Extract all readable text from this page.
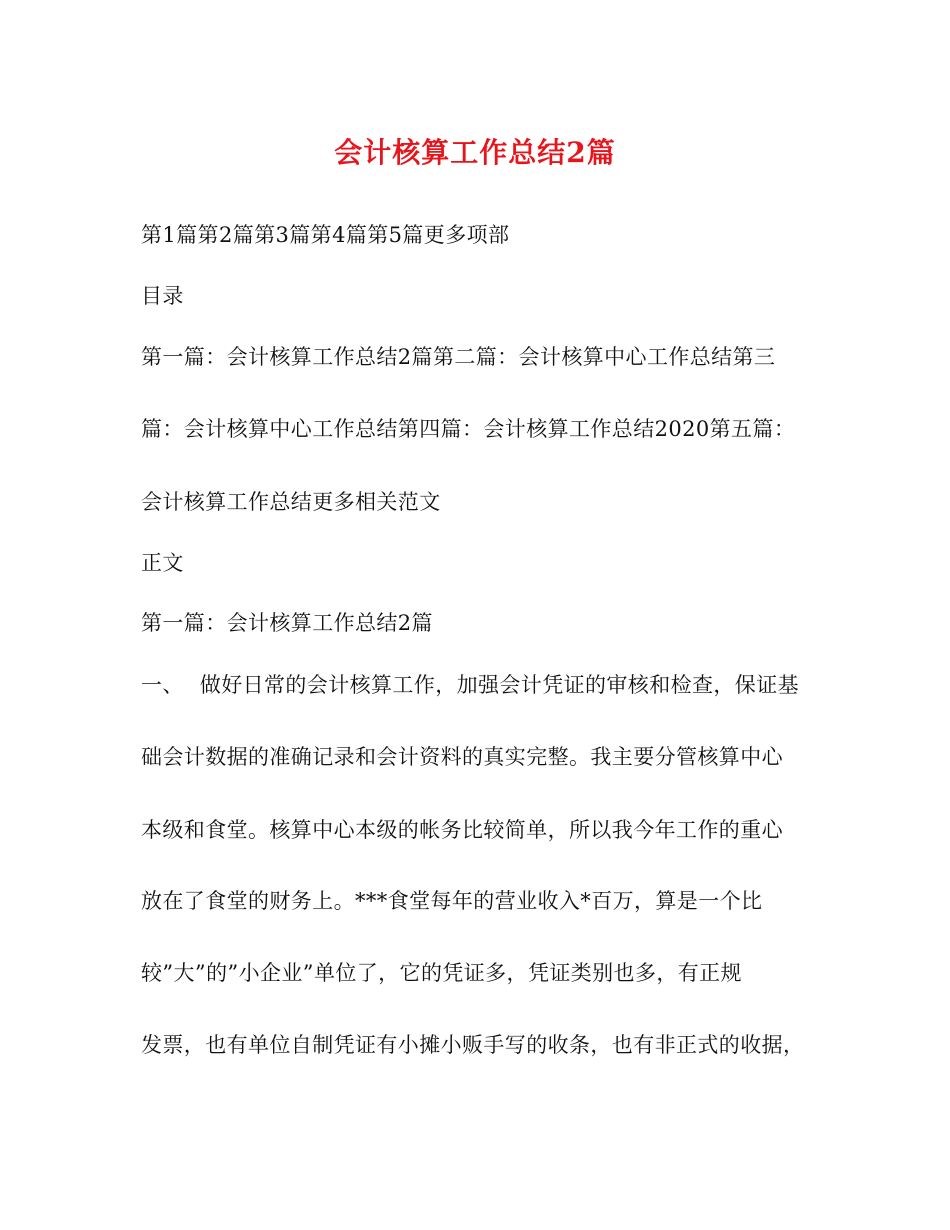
会计核算工作总结2篇
第1篇第2篇第3篇第4篇第5篇更多项部
目录
第一篇：会计核算工作总结2篇第二篇：会计核算中心工作总结第三
篇：会计核算中心工作总结第四篇：会计核算工作总结2020第五篇：
会计核算工作总结更多相关范文
正文
第一篇：会计核算工作总结2篇
一、 做好日常的会计核算工作，加强会计凭证的审核和检查，保证基
础会计数据的准确记录和会计资料的真实完整。我主要分管核算中心
本级和食堂。核算中心本级的帐务比较简单，所以我今年工作的重心
放在了食堂的财务上。***食堂每年的营业收入*百万，算是一个比
较”大”的”小企业”单位了，它的凭证多，凭证类别也多，有正规
发票，也有单位自制凭证有小摊小贩手写的收条，也有非正式的收据，
